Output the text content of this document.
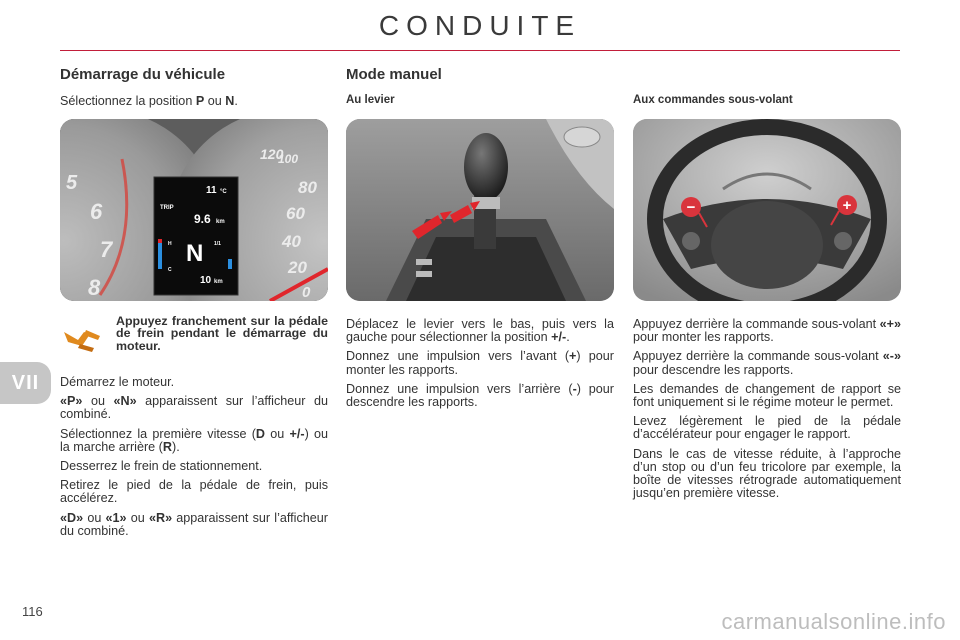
CONDUITE
Démarrage du véhicule
Sélectionnez la position P ou N.
5
6
7
8
120
100
80
60
40
20
0
TRIP
11 °C
9.6 km
N
H
C
1/1
10 km
Appuyez franchement sur la pédale de frein pendant le démarrage du moteur.

Démarrez le moteur.

«P» ou «N» apparaissent sur l’afficheur du combiné.

Sélectionnez la première vitesse (D ou +/-) ou la marche arrière (R).

Desserrez le frein de stationnement.

Retirez le pied de la pédale de frein, puis accélérez.

«D» ou «1» ou «R» apparaissent sur l’afficheur du combiné.

Mode manuel
Au levier

Déplacez le levier vers le bas, puis vers la gauche pour sélectionner la position +/-.

Donnez une impulsion vers l’avant (+) pour monter les rapports.

Donnez une impulsion vers l’arrière (-) pour descendre les rapports.

Aux commandes sous-volant
−	+

Appuyez derrière la commande sous-volant «+» pour monter les rapports.

Appuyez derrière la commande sous-volant «-» pour descendre les rapports.

Les demandes de changement de rapport se font uniquement si le régime moteur le permet.

Levez légèrement le pied de la pédale d’accélérateur pour engager le rapport.

Dans le cas de vitesse réduite, à l’approche d’un stop ou d’un feu tricolore par exemple, la boîte de vitesses rétrograde automatiquement jusqu’en première vitesse.

VII
116	carmanualsonline.info
